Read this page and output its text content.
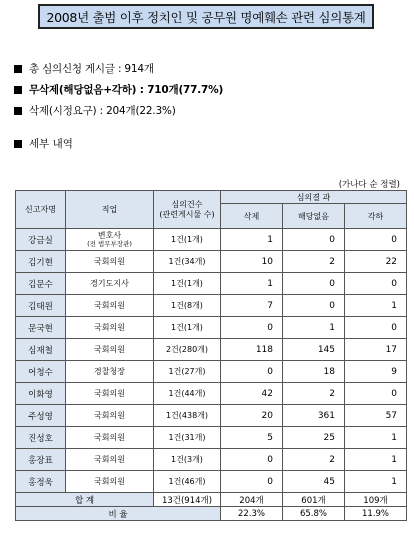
2008년 출범 이후 정치인 및 공무원 명예훼손 관련 심의통계
총 심의신청 게시글 : 914개
무삭제(해당없음+각하) : 710개(77.7%)
삭제(시정요구) : 204개(22.3%)
세부 내역
(가나다 순 정렬)
신고자명	직업	심의건수
(관련게시물 수)	심의결 과		
			삭제	해당없음	각하
강금실	변호사
(전 법무부장관)	1건(1개)	1	0	0
김기현	국회의원	1건(34개)	10	2	22
김문수	경기도지사	1건(1개)	1	0	0
김태원	국회의원	1건(8개)	7	0	1
문국현	국회의원	1건(1개)	0	1	0
심재철	국회의원	2건(280개)	118	145	17
어청수	경찰청장	1건(27개)	0	18	9
이화영	국회의원	1건(44개)	42	2	0
주성영	국회의원	1건(438개)	20	361	57
진성호	국회의원	1건(31개)	5	25	1
홍장표	국회의원	1건(3개)	0	2	1
홍정욱	국회의원	1건(46개)	0	45	1
합 계		13건(914개)	204개	601개	109개
비 율			22.3%	65.8%	11.9%
